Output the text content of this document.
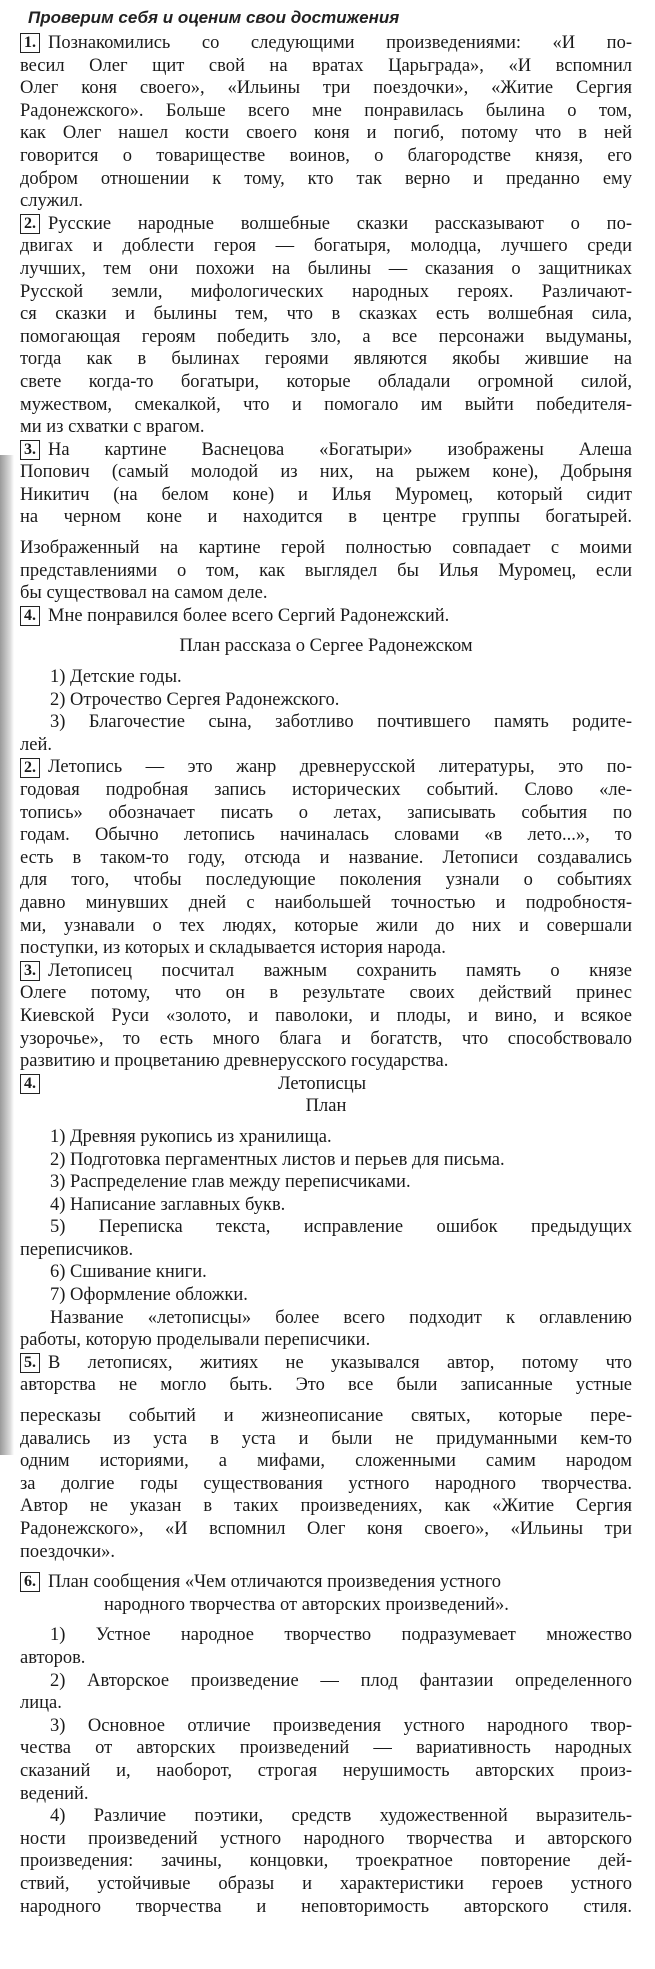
Проверим себя и оценим свои достижения
1. Познакомились со следующими произведениями: «И по-
весил Олег щит свой на вратах Царьграда», «И вспомнил
Олег коня своего», «Ильины три поездочки», «Житие Сергия
Радонежского». Больше всего мне понравилась былина о том,
как Олег нашел кости своего коня и погиб, потому что в ней
говорится о товариществе воинов, о благородстве князя, его
добром отношении к тому, кто так верно и преданно ему
служил.
2. Русские народные волшебные сказки рассказывают о по-
двигах и доблести героя — богатыря, молодца, лучшего среди
лучших, тем они похожи на былины — сказания о защитниках
Русской земли, мифологических народных героях. Различают-
ся сказки и былины тем, что в сказках есть волшебная сила,
помогающая героям победить зло, а все персонажи выдуманы,
тогда как в былинах героями являются якобы жившие на
свете когда-то богатыри, которые обладали огромной силой,
мужеством, смекалкой, что и помогало им выйти победителя-
ми из схватки с врагом.
3. На картине Васнецова «Богатыри» изображены Алеша
Попович (самый молодой из них, на рыжем коне), Добрыня
Никитич (на белом коне) и Илья Муромец, который сидит
на черном коне и находится в центре группы богатырей.
Изображенный на картине герой полностью совпадает с моими
представлениями о том, как выглядел бы Илья Муромец, если
бы существовал на самом деле.
4. Мне понравился более всего Сергий Радонежский.
План рассказа о Сергее Радонежском
1) Детские годы.
2) Отрочество Сергея Радонежского.
3) Благочестие сына, заботливо почтившего память родите-
лей.
2. Летопись — это жанр древнерусской литературы, это по-
годовая подробная запись исторических событий. Слово «ле-
топись» обозначает писать о летах, записывать события по
годам. Обычно летопись начиналась словами «в лето...», то
есть в таком-то году, отсюда и название. Летописи создавались
для того, чтобы последующие поколения узнали о событиях
давно минувших дней с наибольшей точностью и подробностя-
ми, узнавали о тех людях, которые жили до них и совершали
поступки, из которых и складывается история народа.
3. Летописец посчитал важным сохранить память о князе
Олеге потому, что он в результате своих действий принес
Киевской Руси «золото, и паволоки, и плоды, и вино, и всякое
узорочье», то есть много блага и богатств, что способствовало
развитию и процветанию древнерусского государства.
4.	Летописцы
План
1) Древняя рукопись из хранилища.
2) Подготовка пергаментных листов и перьев для письма.
3) Распределение глав между переписчиками.
4) Написание заглавных букв.
5) Переписка текста, исправление ошибок предыдущих
переписчиков.
6) Сшивание книги.
7) Оформление обложки.
Название «летописцы» более всего подходит к оглавлению
работы, которую проделывали переписчики.
5. В летописях, житиях не указывался автор, потому что
авторства не могло быть. Это все были записанные устные
пересказы событий и жизнеописание святых, которые пере-
давались из уста в уста и были не придуманными кем-то
одним историями, а мифами, сложенными самим народом
за долгие годы существования устного народного творчества.
Автор не указан в таких произведениях, как «Житие Сергия
Радонежского», «И вспомнил Олег коня своего», «Ильины три
поездочки».
6. План сообщения «Чем отличаются произведения устного
народного творчества от авторских произведений».
1) Устное народное творчество подразумевает множество
авторов.
2) Авторское произведение — плод фантазии определенного
лица.
3) Основное отличие произведения устного народного твор-
чества от авторских произведений — вариативность народных
сказаний и, наоборот, строгая нерушимость авторских произ-
ведений.
4) Различие поэтики, средств художественной выразитель-
ности произведений устного народного творчества и авторского
произведения: зачины, концовки, троекратное повторение дей-
ствий, устойчивые образы и характеристики героев устного
народного творчества и неповторимость авторского стиля.
